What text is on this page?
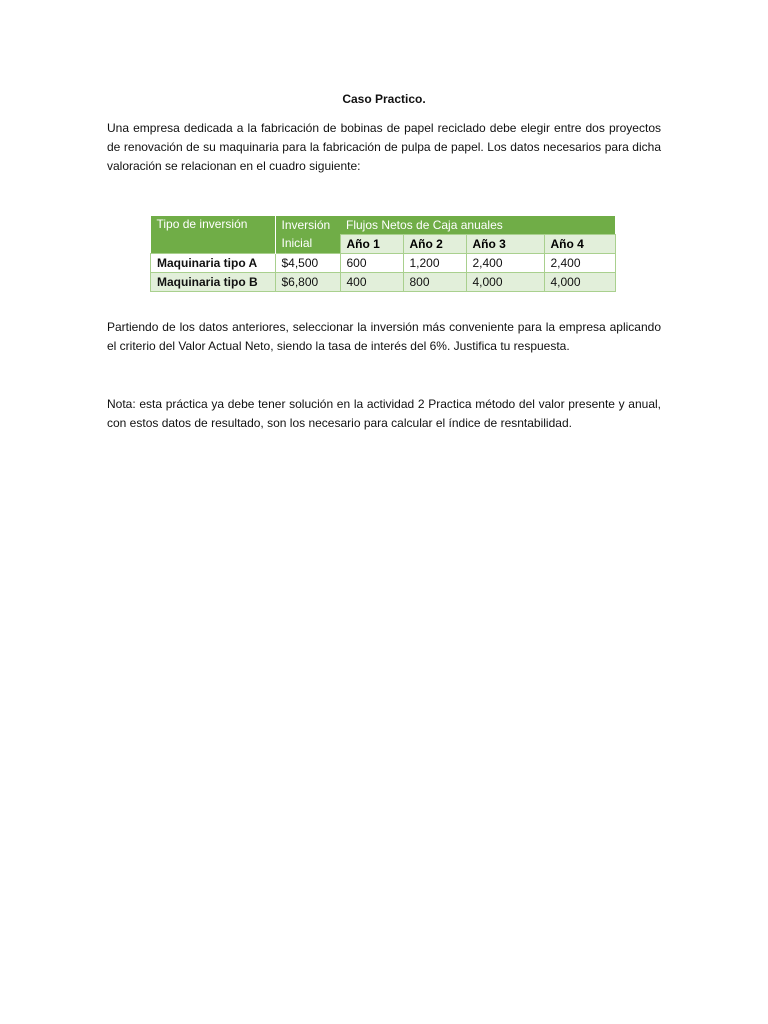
Caso Practico.

Una empresa dedicada a la fabricación de bobinas de papel reciclado debe elegir entre dos proyectos de renovación de su maquinaria para la fabricación de pulpa de papel. Los datos necesarios para dicha valoración se relacionan en el cuadro siguiente:

Tipo de inversión	Inversión	Flujos Netos de Caja anuales			
	Inicial	Año 1	Año 2	Año 3	Año 4
Maquinaria tipo A	$4,500	600	1,200	2,400	2,400
Maquinaria tipo B	$6,800	400	800	4,000	4,000

Partiendo de los datos anteriores, seleccionar la inversión más conveniente para la empresa aplicando el criterio del Valor Actual Neto, siendo la tasa de interés del 6%. Justifica tu respuesta.

Nota: esta práctica ya debe tener solución en la actividad 2 Practica método del valor presente y anual, con estos datos de resultado, son los necesario para calcular el índice de resntabilidad.
